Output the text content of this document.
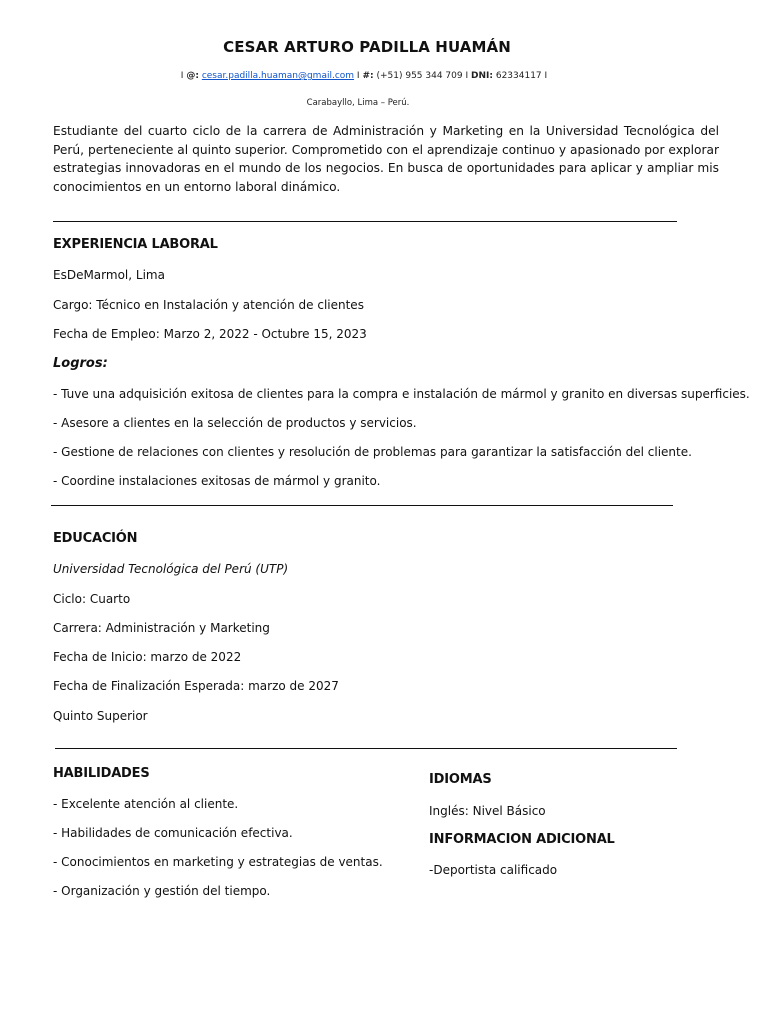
CESAR ARTURO PADILLA HUAMÁN
I @: cesar.padilla.huaman@gmail.com I #: (+51) 955 344 709 I DNI: 62334117 I
Carabayllo, Lima – Perú.
Estudiante del cuarto ciclo de la carrera de Administración y Marketing en la Universidad Tecnológica del Perú, perteneciente al quinto superior. Comprometido con el aprendizaje continuo y apasionado por explorar estrategias innovadoras en el mundo de los negocios. En busca de oportunidades para aplicar y ampliar mis conocimientos en un entorno laboral dinámico.
EXPERIENCIA LABORAL
EsDeMarmol, Lima
Cargo: Técnico en Instalación y atención de clientes
Fecha de Empleo: Marzo 2, 2022 - Octubre 15, 2023
Logros:
- Tuve una adquisición exitosa de clientes para la compra e instalación de mármol y granito en diversas superficies.
- Asesore a clientes en la selección de productos y servicios.
- Gestione de relaciones con clientes y resolución de problemas para garantizar la satisfacción del cliente.
- Coordine instalaciones exitosas de mármol y granito.
EDUCACIÓN
Universidad Tecnológica del Perú (UTP)
Ciclo: Cuarto
Carrera: Administración y Marketing
Fecha de Inicio: marzo de 2022
Fecha de Finalización Esperada: marzo de 2027
Quinto Superior
HABILIDADES
- Excelente atención al cliente.
- Habilidades de comunicación efectiva.
- Conocimientos en marketing y estrategias de ventas.
- Organización y gestión del tiempo.
IDIOMAS
Inglés: Nivel Básico
INFORMACION ADICIONAL
-Deportista calificado
